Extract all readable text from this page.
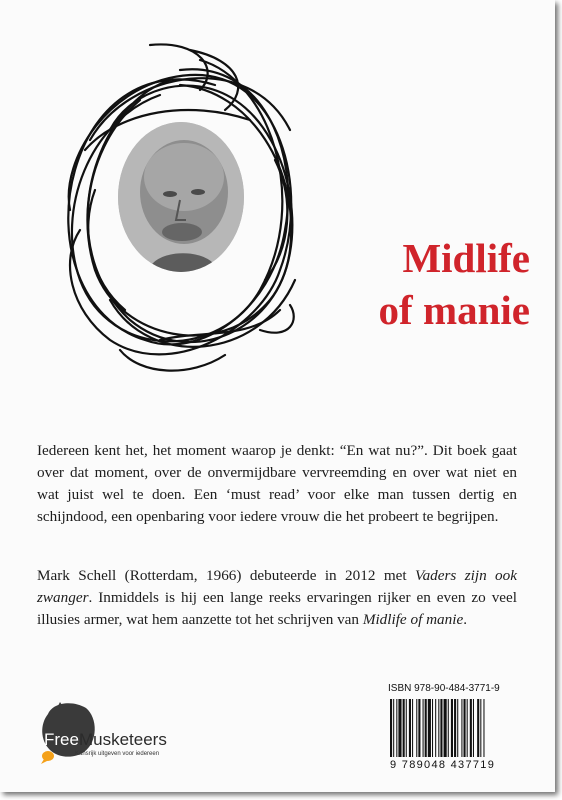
Midlife
of manie

Iedereen kent het, het moment waarop je denkt: “En wat nu?”. Dit boek gaat over dat moment, over de onvermijdbare vervreemding en over wat niet en wat juist wel te doen. Een ‘must read’ voor elke man tussen dertig en schijndood, een openbaring voor iedere vrouw die het probeert te begrijpen.

Mark Schell (Rotterdam, 1966) debuteerde in 2012 met Vaders zijn ook zwanger. Inmiddels is hij een lange reeks ervaringen rijker en even zo veel illusies armer, wat hem aanzette tot het schrijven van Midlife of manie.

FreeMusketeers
Kansrijk uitgeven voor iedereen
ISBN 978-90-484-3771-9
9 789048 437719
